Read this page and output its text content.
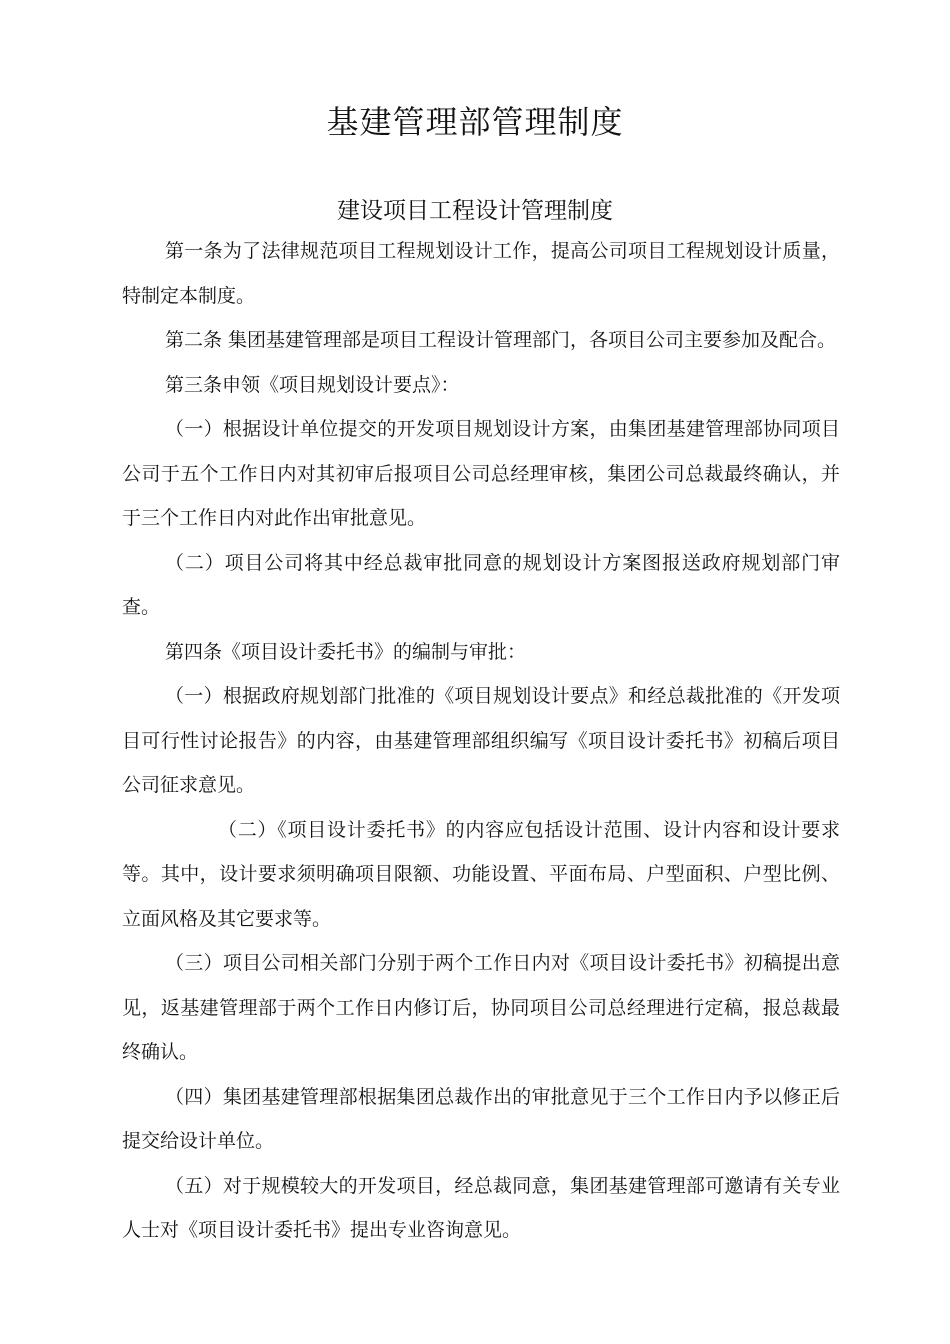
基建管理部管理制度
建设项目工程设计管理制度

第一条为了法律规范项目工程规划设计工作，提高公司项目工程规划设计质量，特制定本制度。

第二条 集团基建管理部是项目工程设计管理部门，各项目公司主要参加及配合。

第三条申领《项目规划设计要点》：

（一）根据设计单位提交的开发项目规划设计方案，由集团基建管理部协同项目公司于五个工作日内对其初审后报项目公司总经理审核，集团公司总裁最终确认，并于三个工作日内对此作出审批意见。

（二）项目公司将其中经总裁审批同意的规划设计方案图报送政府规划部门审查。

第四条《项目设计委托书》的编制与审批：

（一）根据政府规划部门批准的《项目规划设计要点》和经总裁批准的《开发项目可行性讨论报告》的内容，由基建管理部组织编写《项目设计委托书》初稿后项目公司征求意见。

（二）《项目设计委托书》的内容应包括设计范围、设计内容和设计要求等。其中，设计要求须明确项目限额、功能设置、平面布局、户型面积、户型比例、立面风格及其它要求等。

（三）项目公司相关部门分别于两个工作日内对《项目设计委托书》初稿提出意见，返基建管理部于两个工作日内修订后，协同项目公司总经理进行定稿，报总裁最终确认。

（四）集团基建管理部根据集团总裁作出的审批意见于三个工作日内予以修正后提交给设计单位。

（五）对于规模较大的开发项目，经总裁同意，集团基建管理部可邀请有关专业人士对《项目设计委托书》提出专业咨询意见。
